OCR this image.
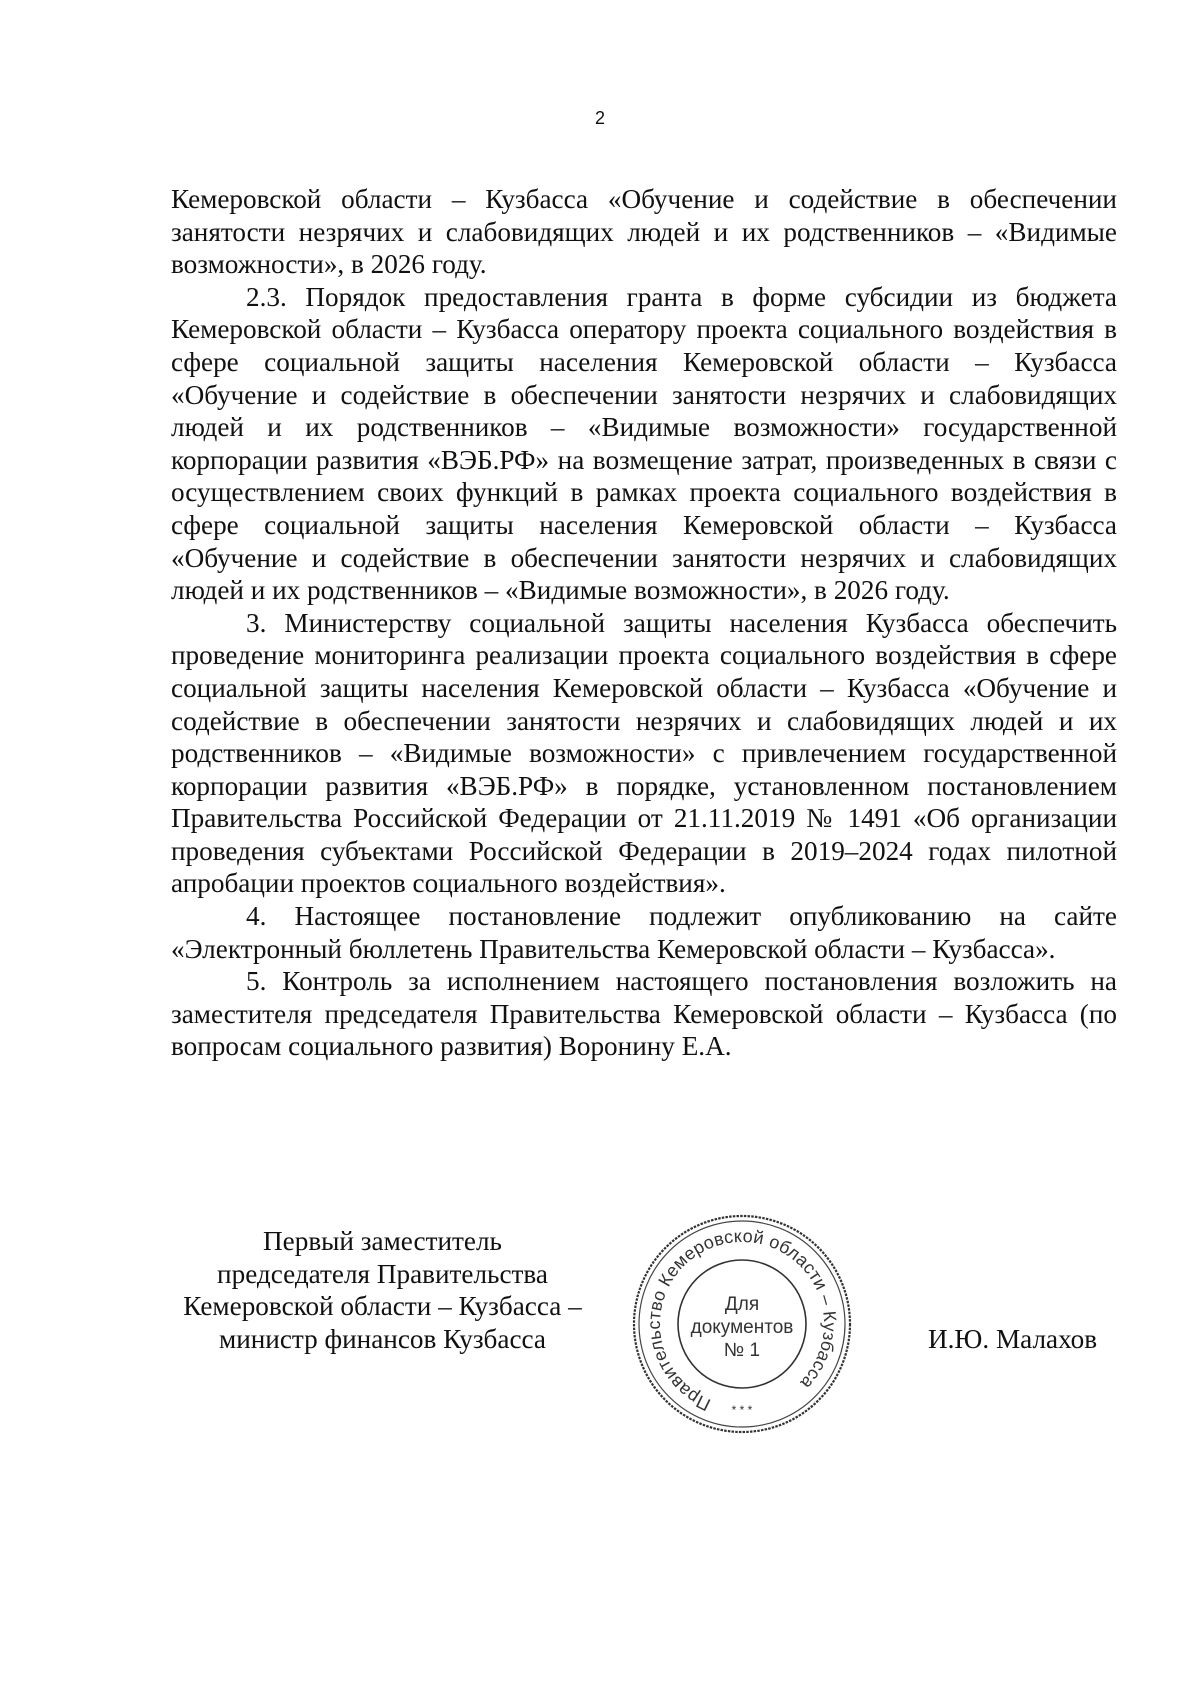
2

Кемеровской области – Кузбасса «Обучение и содействие в обеспечении занятости незрячих и слабовидящих людей и их родственников – «Видимые возможности», в 2026 году.

2.3. Порядок предоставления гранта в форме субсидии из бюджета Кемеровской области – Кузбасса оператору проекта социального воздействия в сфере социальной защиты населения Кемеровской области – Кузбасса «Обучение и содействие в обеспечении занятости незрячих и слабовидящих людей и их родственников – «Видимые возможности» государственной корпорации развития «ВЭБ.РФ» на возмещение затрат, произведенных в связи с осуществлением своих функций в рамках проекта социального воздействия в сфере социальной защиты населения Кемеровской области – Кузбасса «Обучение и содействие в обеспечении занятости незрячих и слабовидящих людей и их родственников – «Видимые возможности», в 2026 году.

3. Министерству социальной защиты населения Кузбасса обеспечить проведение мониторинга реализации проекта социального воздействия в сфере социальной защиты населения Кемеровской области – Кузбасса «Обучение и содействие в обеспечении занятости незрячих и слабовидящих людей и их родственников – «Видимые возможности» с привлечением государственной корпорации развития «ВЭБ.РФ» в порядке, установленном постановлением Правительства Российской Федерации от 21.11.2019 № 1491 «Об организации проведения субъектами Российской Федерации в 2019–2024 годах пилотной апробации проектов социального воздействия».

4. Настоящее постановление подлежит опубликованию на сайте «Электронный бюллетень Правительства Кемеровской области – Кузбасса».

5. Контроль за исполнением настоящего постановления возложить на заместителя председателя Правительства Кемеровской области – Кузбасса (по вопросам социального развития) Воронину Е.А.

Первый заместитель
председателя Правительства
Кемеровской области – Кузбасса –
министр финансов Кузбасса
Правительство Кемеровской области – Кузбасса
* * *
Для
документов
№ 1	И.Ю. Малахов
